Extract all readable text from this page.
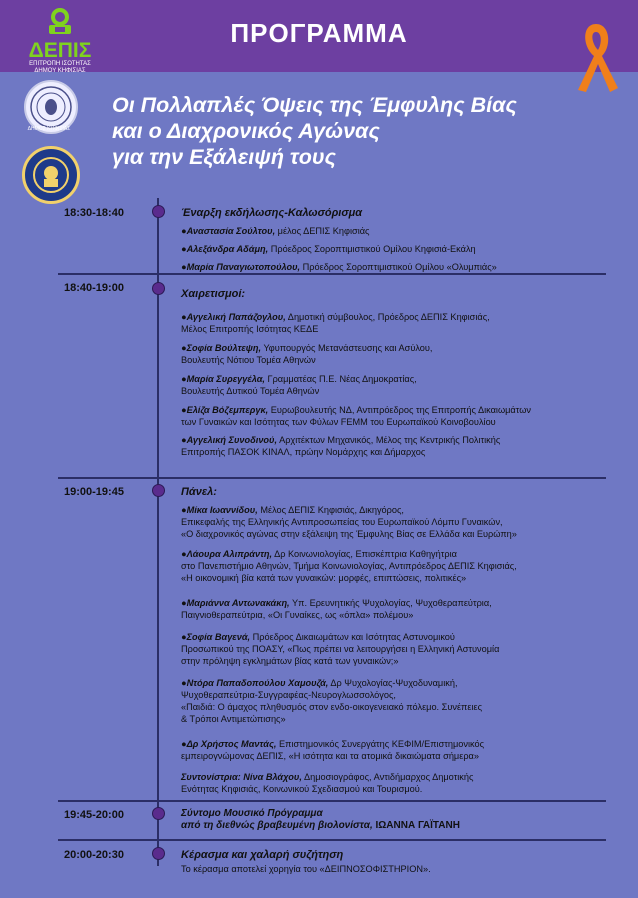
ΠΡΟΓΡΑΜΜΑ
ΔΕΠΙΣ
ΕΠΙΤΡΟΠΗ ΙΣΟΤΗΤΑΣ
ΔΗΜΟΥ ΚΗΦΙΣΙΑΣ
ΔΗΜΟΣ ΚΗΦΙΣΙΑΣ
Οι Πολλαπλές Όψεις της Έμφυλης Βίας
και ο Διαχρονικός Αγώνας
για την Εξάλειψή τους
18:30-18:40	Έναρξη εκδήλωσης-Καλωσόρισμα
●Αναστασία Σούλτου, μέλος ΔΕΠΙΣ Κηφισιάς
●Αλεξάνδρα Αδάμη, Πρόεδρος Σοροπτιμιστικού Ομίλου Κηφισιά-Εκάλη
●Μαρία Παναγιωτοπούλου, Πρόεδρος Σοροπτιμιστικού Ομίλου «Ολυμπιάς»
18:40-19:00	Χαιρετισμοί:
●Αγγελική Παπάζογλου, Δημοτική σύμβουλος, Πρόεδρος ΔΕΠΙΣ Κηφισιάς,
Μέλος Επιτροπής Ισότητας ΚΕΔΕ
●Σοφία Βούλτεψη, Υφυπουργός Μετανάστευσης και Ασύλου,
Βουλευτής Νότιου Τομέα Αθηνών
●Μαρία Συρεγγέλα, Γραμματέας Π.Ε. Νέας Δημοκρατίας,
Βουλευτής Δυτικού Τομέα Αθηνών
●Ελίζα Βόζεμπεργκ, Ευρωβουλευτής ΝΔ, Αντιπρόεδρος της Επιτροπής Δικαιωμάτων
των Γυναικών και Ισότητας των Φύλων FEMM του Ευρωπαϊκού Κοινοβουλίου
●Αγγελική Συνοδινού, Αρχιτέκτων Μηχανικός, Μέλος της Κεντρικής Πολιτικής
Επιτροπής ΠΑΣΟΚ ΚΙΝΑΛ, πρώην Νομάρχης και Δήμαρχος
19:00-19:45	Πάνελ:
●Μίκα Ιωαννίδου, Μέλος ΔΕΠΙΣ Κηφισιάς, Δικηγόρος,
Επικεφαλής της Ελληνικής Αντιπροσωπείας του Ευρωπαϊκού Λόμπυ Γυναικών,
«Ο διαχρονικός αγώνας στην εξάλειψη της Έμφυλης Βίας σε Ελλάδα και Ευρώπη»
●Λάουρα Αλιπράντη, Δρ Κοινωνιολογίας, Επισκέπτρια Καθηγήτρια
στο Πανεπιστήμιο Αθηνών, Τμήμα Κοινωνιολογίας, Αντιπρόεδρος ΔΕΠΙΣ Κηφισιάς,
«Η οικονομική βία κατά των γυναικών: μορφές, επιπτώσεις, πολιτικές»
●Μαριάννα Αντωνακάκη, Υπ. Ερευνητικής Ψυχολογίας, Ψυχοθεραπεύτρια,
Παιγνιοθεραπεύτρια, «Οι Γυναίκες, ως «όπλα» πολέμου»
●Σοφία Βαγενά, Πρόεδρος Δικαιωμάτων και Ισότητας Αστυνομικού
Προσωπικού της ΠΟΑΣΥ, «Πως πρέπει να λειτουργήσει η Ελληνική Αστυνομία
στην πρόληψη εγκλημάτων βίας κατά των γυναικών;»
●Ντόρα Παπαδοπούλου Χαμουζά, Δρ Ψυχολογίας-Ψυχοδυναμική,
Ψυχοθεραπεύτρια-Συγγραφέας-Νευρογλωσσολόγος,
«Παιδιά: Ο άμαχος πληθυσμός στον ενδο-οικογενειακό πόλεμο. Συνέπειες
& Τρόποι Αντιμετώπισης»
●Δρ Χρήστος Μαντάς, Επιστημονικός Συνεργάτης ΚΕΦΙΜ/Επιστημονικός
εμπειρογνώμονας ΔΕΠΙΣ, «Η ισότητα και τα ατομικά δικαιώματα σήμερα»
Συντονίστρια: Νίνα Βλάχου, Δημοσιογράφος, Αντιδήμαρχος Δημοτικής
Ενότητας Κηφισιάς, Κοινωνικού Σχεδιασμού και Τουρισμού.
19:45-20:00	Σύντομο Μουσικό Πρόγραμμα
από τη διεθνώς βραβευμένη βιολονίστα, ΙΩΑΝΝΑ ΓΑΪΤΑΝΗ
20:00-20:30	Κέρασμα και χαλαρή συζήτηση
Το κέρασμα αποτελεί χορηγία του «ΔΕΙΠΝΟΣΟΦΙΣΤΗΡΙΟΝ».
